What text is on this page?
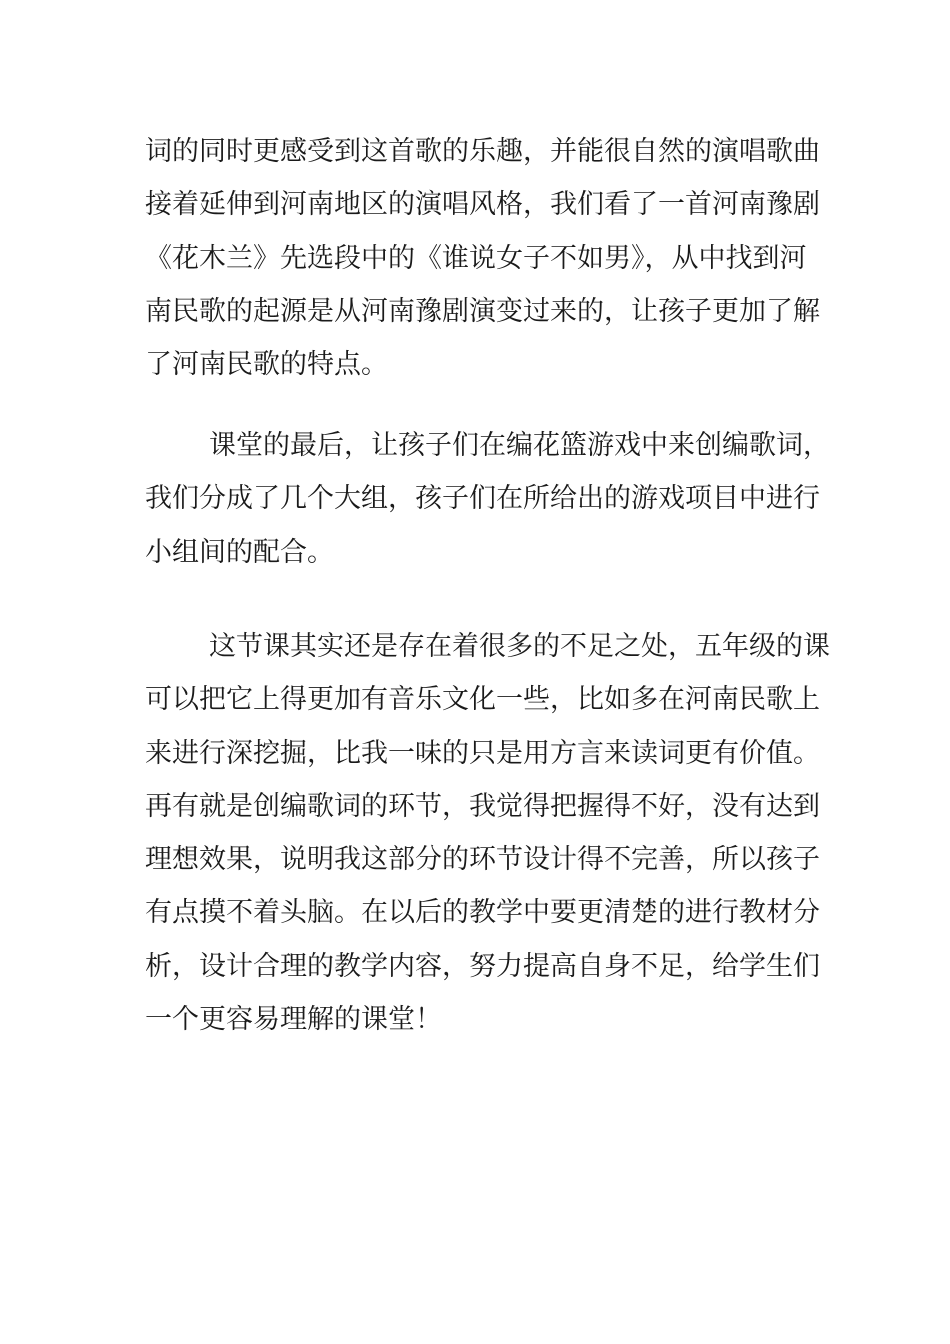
词的同时更感受到这首歌的乐趣，并能很自然的演唱歌曲
接着延伸到河南地区的演唱风格，我们看了一首河南豫剧
《花木兰》先选段中的《谁说女子不如男》，从中找到河
南民歌的起源是从河南豫剧演变过来的，让孩子更加了解
了河南民歌的特点。

课堂的最后，让孩子们在编花篮游戏中来创编歌词，
我们分成了几个大组，孩子们在所给出的游戏项目中进行
小组间的配合。

这节课其实还是存在着很多的不足之处，五年级的课
可以把它上得更加有音乐文化一些，比如多在河南民歌上
来进行深挖掘，比我一味的只是用方言来读词更有价值。
再有就是创编歌词的环节，我觉得把握得不好，没有达到
理想效果，说明我这部分的环节设计得不完善，所以孩子
有点摸不着头脑。在以后的教学中要更清楚的进行教材分
析，设计合理的教学内容，努力提高自身不足，给学生们
一个更容易理解的课堂！
